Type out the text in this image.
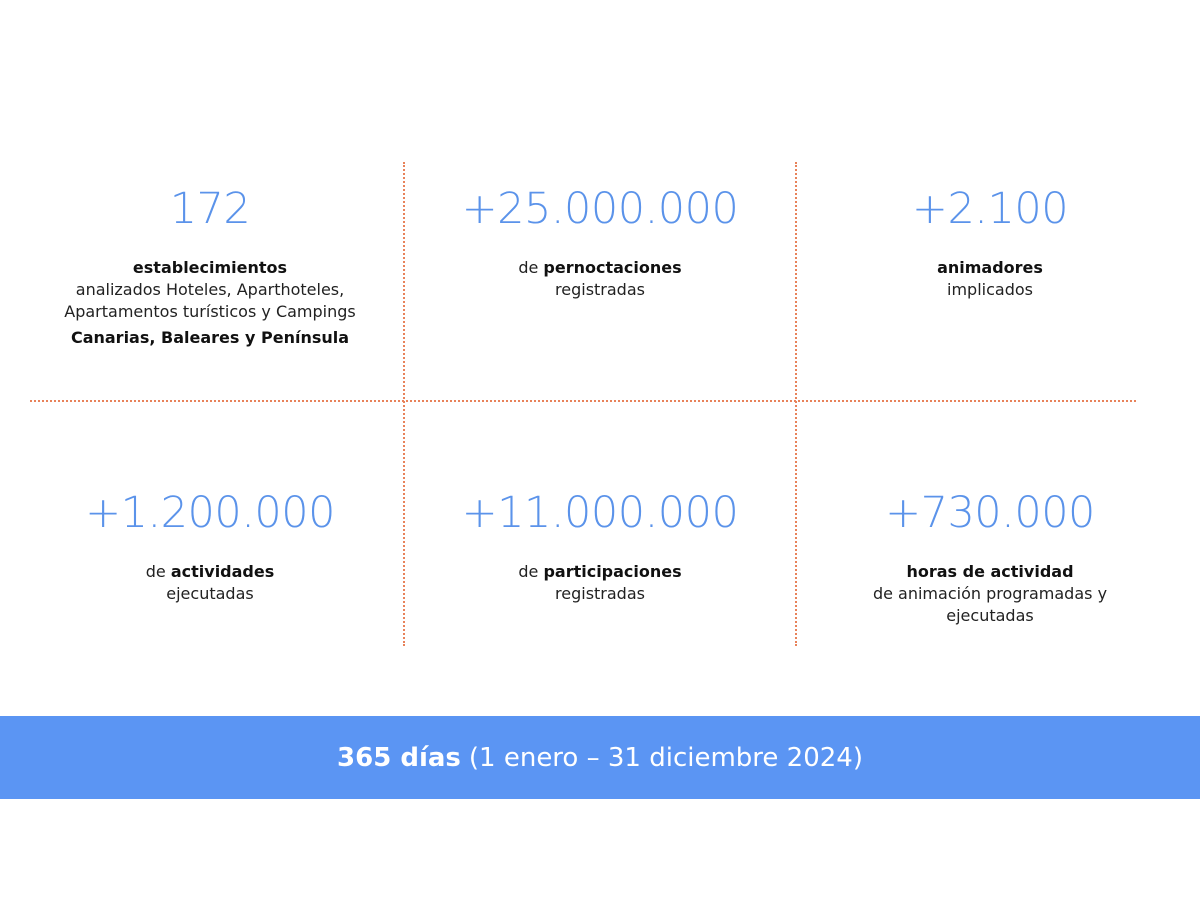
172
establecimientos
analizados Hoteles, Aparthoteles,
Apartamentos turísticos y Campings
Canarias, Baleares y Península
+25.000.000
de pernoctaciones
registradas
+2.100
animadores
implicados
+1.200.000
de actividades
ejecutadas
+11.000.000
de participaciones
registradas
+730.000
horas de actividad
de animación programadas y
ejecutadas
365 días (1 enero – 31 diciembre 2024)
